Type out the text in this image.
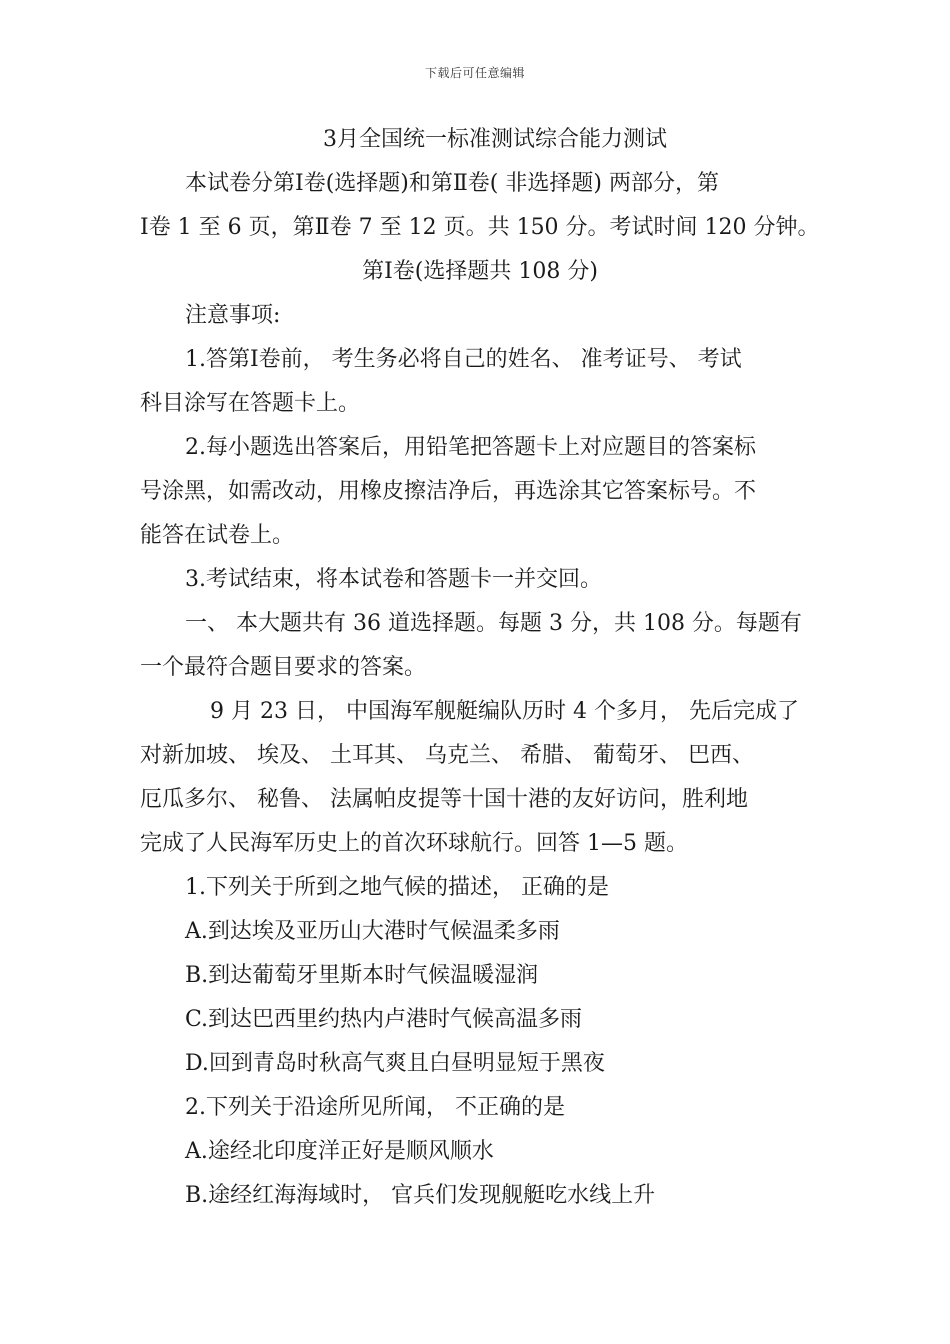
下载后可任意编辑
3月全国统一标准测试综合能力测试
本试卷分第Ⅰ卷(选择题)和第Ⅱ卷( 非选择题) 两部分，第
Ⅰ卷 1 至 6 页，第Ⅱ卷 7 至 12 页。共 150 分。考试时间 120 分钟。
第Ⅰ卷(选择题共 108 分)
注意事项:
1.答第Ⅰ卷前， 考生务必将自己的姓名、 准考证号、 考试
科目涂写在答题卡上。
2.每小题选出答案后，用铅笔把答题卡上对应题目的答案标
号涂黑，如需改动，用橡皮擦洁净后，再选涂其它答案标号。不
能答在试卷上。
3.考试结束，将本试卷和答题卡一并交回。
一、 本大题共有 36 道选择题。每题 3 分，共 108 分。每题有
一个最符合题目要求的答案。
9 月 23 日， 中国海军舰艇编队历时 4 个多月， 先后完成了
对新加坡、 埃及、 土耳其、 乌克兰、 希腊、 葡萄牙、 巴西、
厄瓜多尔、 秘鲁、 法属帕皮提等十国十港的友好访问，胜利地
完成了人民海军历史上的首次环球航行。回答 1—5 题。
1.下列关于所到之地气候的描述， 正确的是
A.到达埃及亚历山大港时气候温柔多雨
B.到达葡萄牙里斯本时气候温暖湿润
C.到达巴西里约热内卢港时气候高温多雨
D.回到青岛时秋高气爽且白昼明显短于黑夜
2.下列关于沿途所见所闻， 不正确的是
A.途经北印度洋正好是顺风顺水
B.途经红海海域时， 官兵们发现舰艇吃水线上升
